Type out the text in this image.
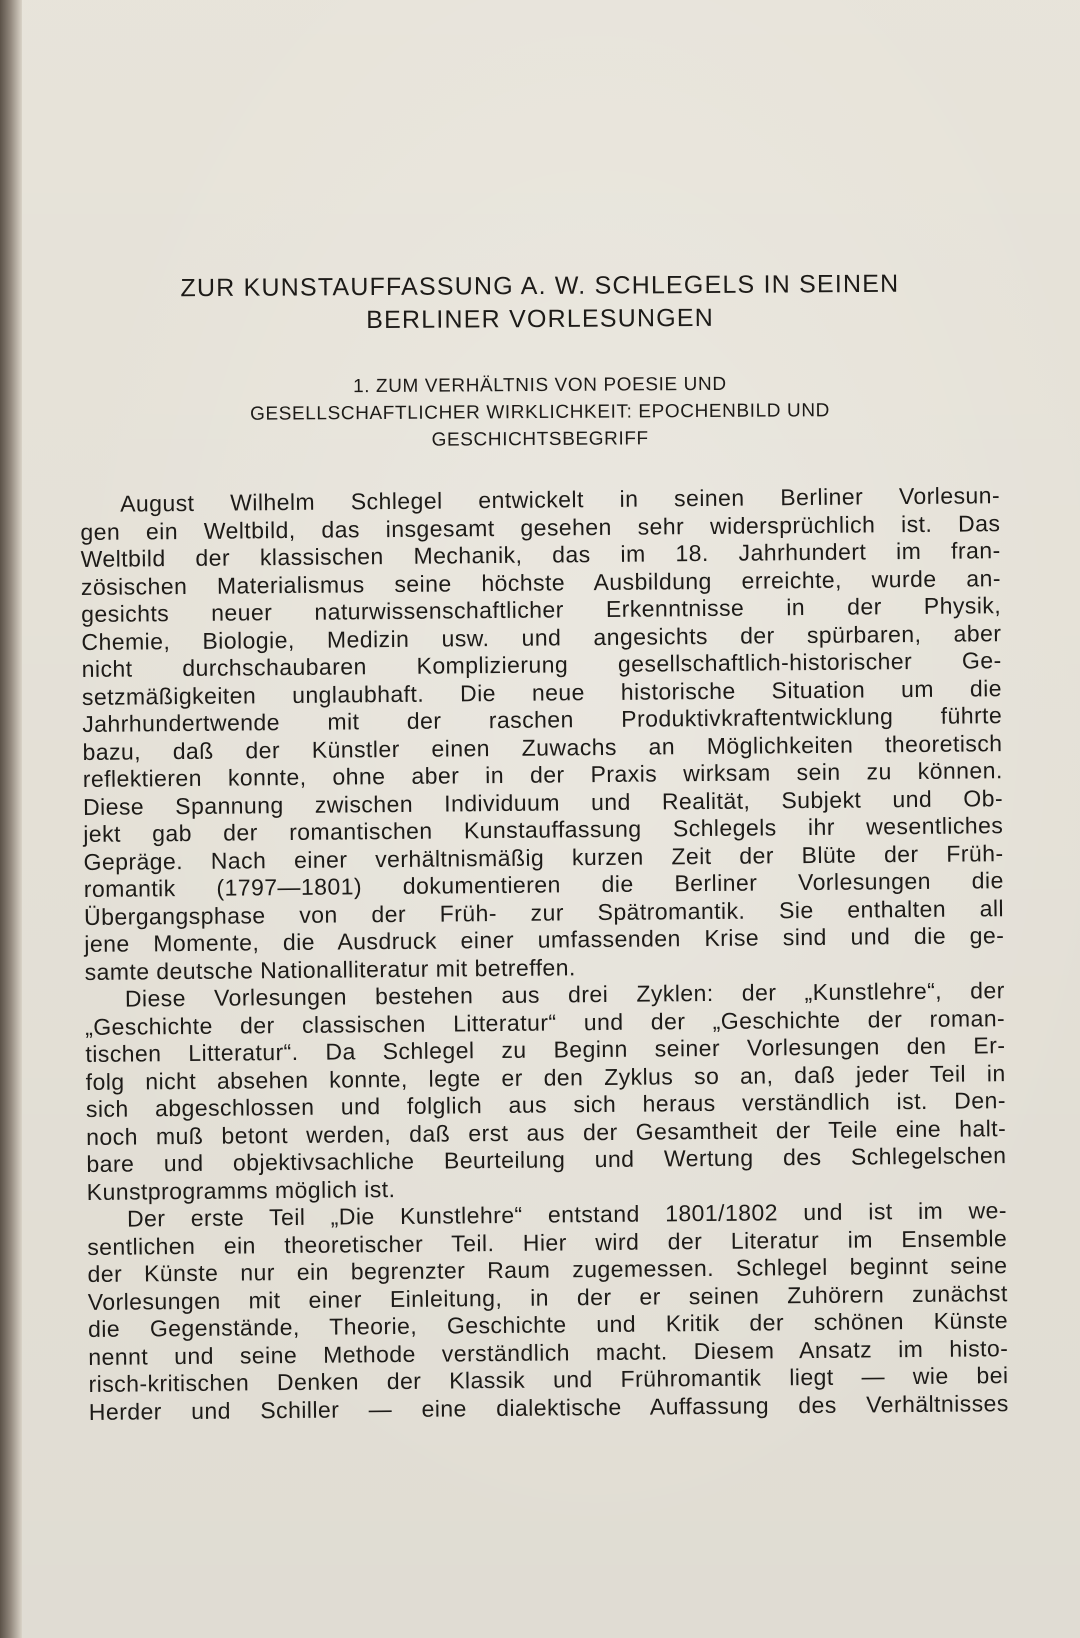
ZUR KUNSTAUFFASSUNG A. W. SCHLEGELS IN SEINEN
BERLINER VORLESUNGEN
1. ZUM VERHÄLTNIS VON POESIE UND
GESELLSCHAFTLICHER WIRKLICHKEIT: EPOCHENBILD UND
GESCHICHTSBEGRIFF
August Wilhelm Schlegel entwickelt in seinen Berliner Vorlesun-
gen ein Weltbild, das insgesamt gesehen sehr widersprüchlich ist. Das
Weltbild der klassischen Mechanik, das im 18. Jahrhundert im fran-
zösischen Materialismus seine höchste Ausbildung erreichte, wurde an-
gesichts neuer naturwissenschaftlicher Erkenntnisse in der Physik,
Chemie, Biologie, Medizin usw. und angesichts der spürbaren, aber
nicht durchschaubaren Komplizierung gesellschaftlich-historischer Ge-
setzmäßigkeiten unglaubhaft. Die neue historische Situation um die
Jahrhundertwende mit der raschen Produktivkraftentwicklung führte
bazu, daß der Künstler einen Zuwachs an Möglichkeiten theoretisch
reflektieren konnte, ohne aber in der Praxis wirksam sein zu können.
Diese Spannung zwischen Individuum und Realität, Subjekt und Ob-
jekt gab der romantischen Kunstauffassung Schlegels ihr wesentliches
Gepräge. Nach einer verhältnismäßig kurzen Zeit der Blüte der Früh-
romantik (1797—1801) dokumentieren die Berliner Vorlesungen die
Übergangsphase von der Früh- zur Spätromantik. Sie enthalten all
jene Momente, die Ausdruck einer umfassenden Krise sind und die ge-
samte deutsche Nationalliteratur mit betreffen.
Diese Vorlesungen bestehen aus drei Zyklen: der „Kunstlehre“, der
„Geschichte der classischen Litteratur“ und der „Geschichte der roman-
tischen Litteratur“. Da Schlegel zu Beginn seiner Vorlesungen den Er-
folg nicht absehen konnte, legte er den Zyklus so an, daß jeder Teil in
sich abgeschlossen und folglich aus sich heraus verständlich ist. Den-
noch muß betont werden, daß erst aus der Gesamtheit der Teile eine halt-
bare und objektivsachliche Beurteilung und Wertung des Schlegelschen
Kunstprogramms möglich ist.
Der erste Teil „Die Kunstlehre“ entstand 1801/1802 und ist im we-
sentlichen ein theoretischer Teil. Hier wird der Literatur im Ensemble
der Künste nur ein begrenzter Raum zugemessen. Schlegel beginnt seine
Vorlesungen mit einer Einleitung, in der er seinen Zuhörern zunächst
die Gegenstände, Theorie, Geschichte und Kritik der schönen Künste
nennt und seine Methode verständlich macht. Diesem Ansatz im histo-
risch-kritischen Denken der Klassik und Frühromantik liegt — wie bei
Herder und Schiller — eine dialektische Auffassung des Verhältnisses
